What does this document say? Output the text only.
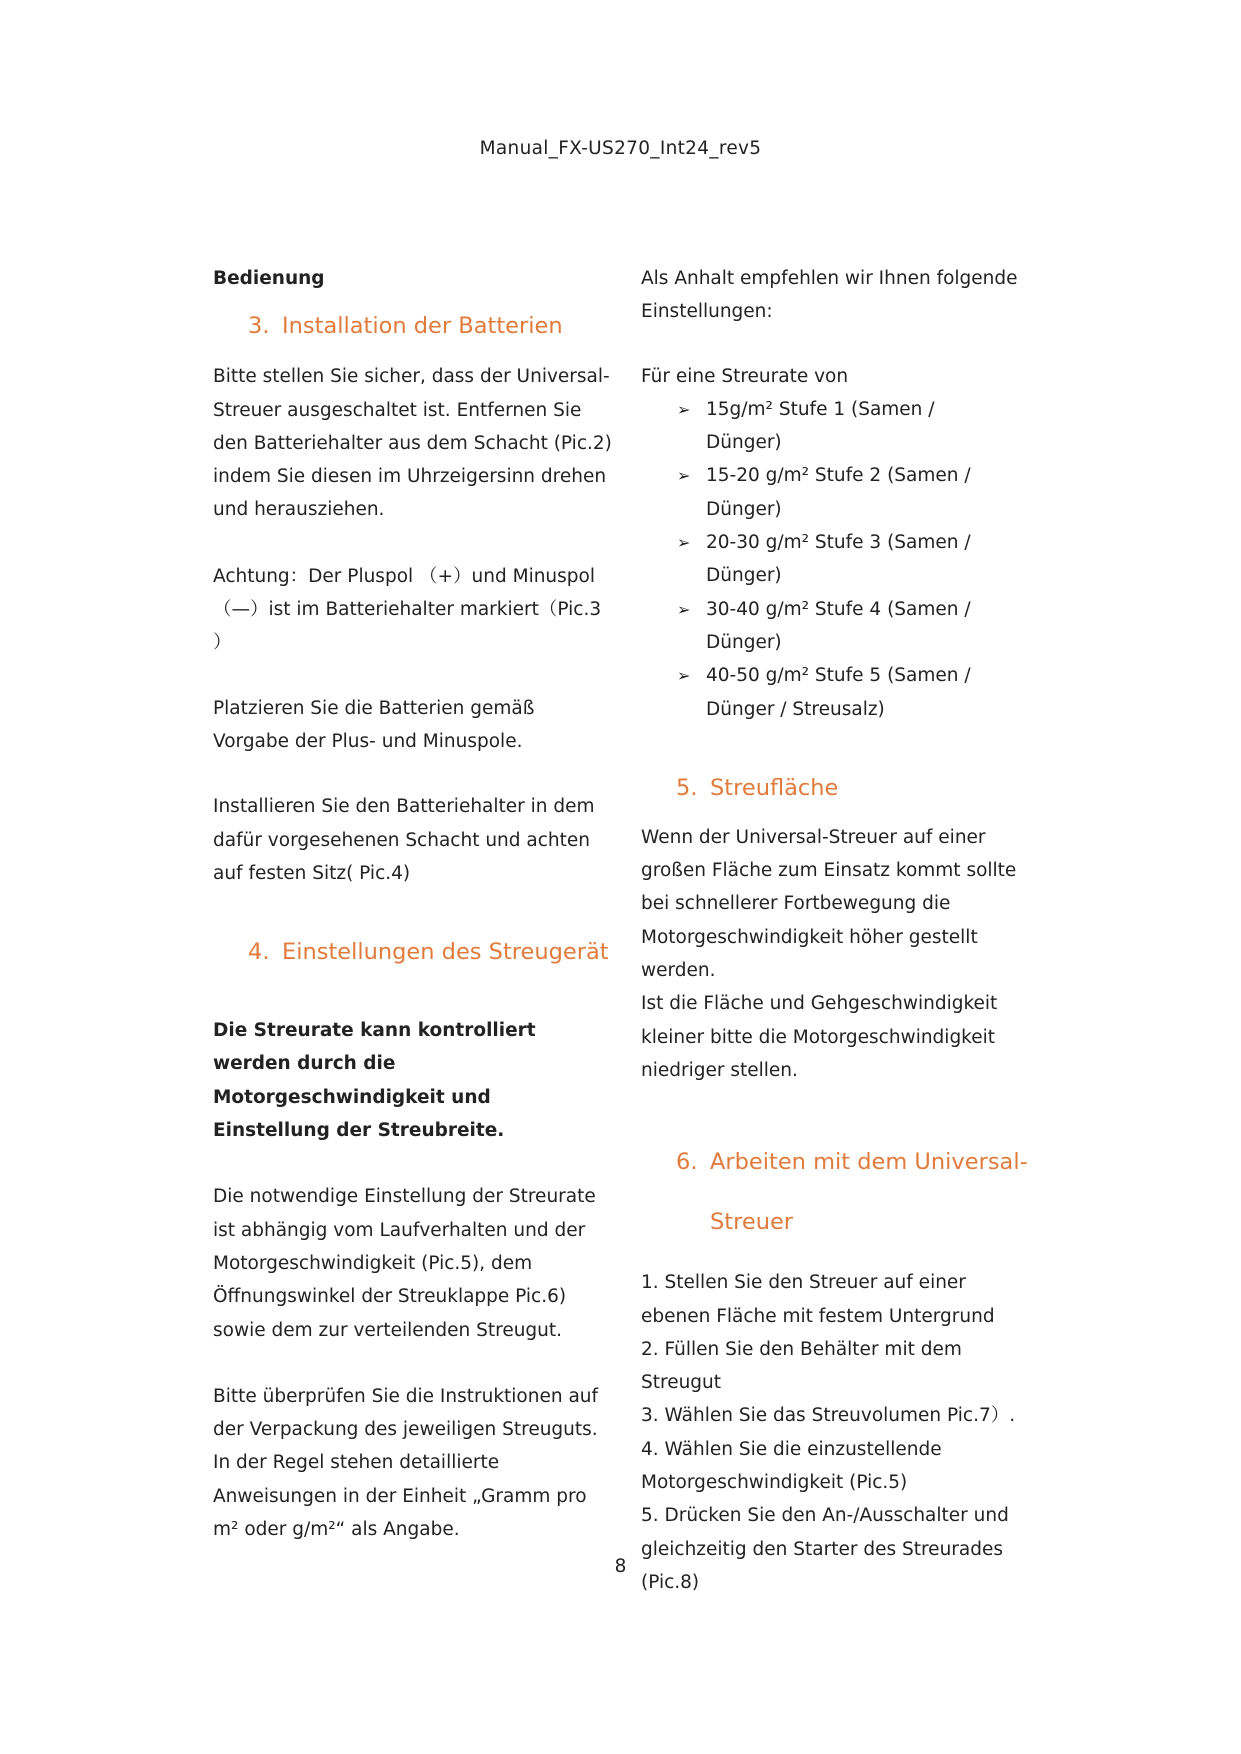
Manual_FX-US270_Int24_rev5

Bedienung

3. Installation der Batterien

Bitte stellen Sie sicher, dass der Universal-Streuer ausgeschaltet ist. Entfernen Sie den Batteriehalter aus dem Schacht (Pic.2) indem Sie diesen im Uhrzeigersinn drehen und herausziehen.

Achtung：Der Pluspol （+）und Minuspol
（—）ist im Batteriehalter markiert（Pic.3
）

Platzieren Sie die Batterien gemäß Vorgabe der Plus- und Minuspole.

Installieren Sie den Batteriehalter in dem dafür vorgesehenen Schacht und achten auf festen Sitz( Pic.4)

4. Einstellungen des Streugerät

Die Streurate kann kontrolliert werden durch die Motorgeschwindigkeit und Einstellung der Streubreite.

Die notwendige Einstellung der Streurate ist abhängig vom Laufverhalten und der Motorgeschwindigkeit (Pic.5), dem Öffnungswinkel der Streuklappe Pic.6) sowie dem zur verteilenden Streugut.

Bitte überprüfen Sie die Instruktionen auf der Verpackung des jeweiligen Streuguts. In der Regel stehen detaillierte Anweisungen in der Einheit „Gramm pro m² oder g/m²“ als Angabe.

Als Anhalt empfehlen wir Ihnen folgende Einstellungen:

Für eine Streurate von

➢ 15g/m² Stufe 1 (Samen / Dünger)
➢ 15-20 g/m² Stufe 2 (Samen / Dünger)
➢ 20-30 g/m² Stufe 3 (Samen / Dünger)
➢ 30-40 g/m² Stufe 4 (Samen / Dünger)
➢ 40-50 g/m² Stufe 5 (Samen / Dünger / Streusalz)
5. Streufläche

Wenn der Universal-Streuer auf einer großen Fläche zum Einsatz kommt sollte bei schnellerer Fortbewegung die Motorgeschwindigkeit höher gestellt werden.

Ist die Fläche und Gehgeschwindigkeit kleiner bitte die Motorgeschwindigkeit niedriger stellen.

6. Arbeiten mit dem Universal-
Streuer

1. Stellen Sie den Streuer auf einer ebenen Fläche mit festem Untergrund

2. Füllen Sie den Behälter mit dem Streugut

3. Wählen Sie das Streuvolumen Pic.7）.

4. Wählen Sie die einzustellende Motorgeschwindigkeit (Pic.5)

5. Drücken Sie den An-/Ausschalter und gleichzeitig den Starter des Streurades (Pic.8)

8
